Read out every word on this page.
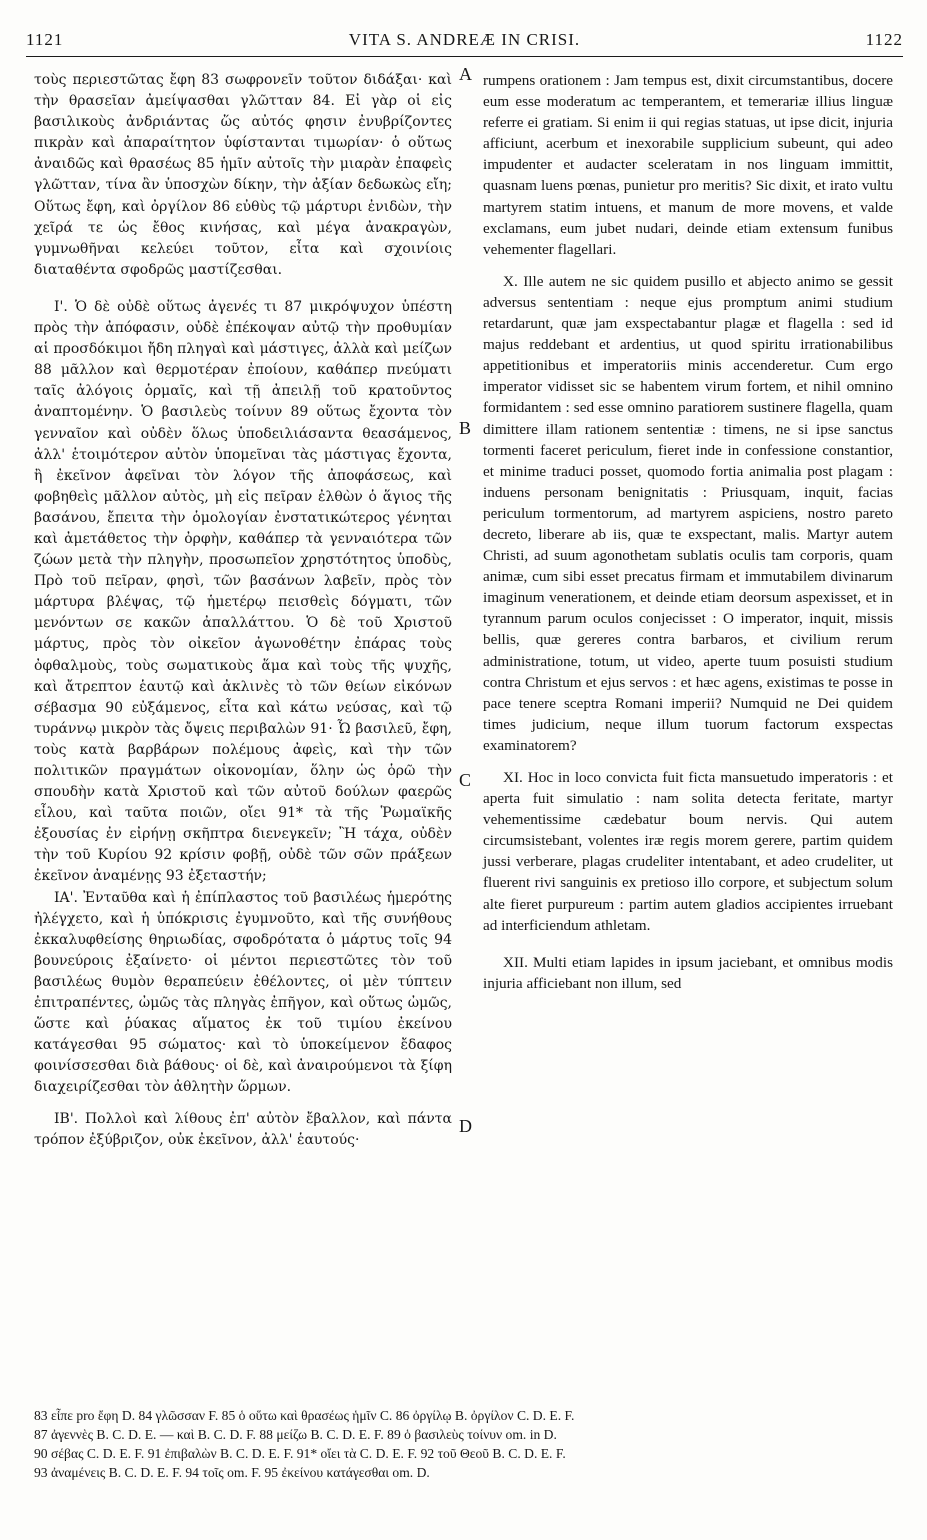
1121	VITA S. ANDREÆ IN CRISI.	1122

τοὺς περιεστῶτας ἔφη 83 σωφρονεῖν τοῦτον διδάξαι· καὶ τὴν θρασεῖαν ἀμείψασθαι γλῶτταν 84. Εἰ γὰρ οἱ εἰς βασιλικοὺς ἀνδριάντας ὥς αὐτός φησιν ἐνυβρίζοντες πικρὰν καὶ ἀπαραίτητον ὑφίστανται τιμωρίαν· ὁ οὕτως ἀναιδῶς καὶ θρασέως 85 ἡμῖν αὐτοῖς τὴν μιαρὰν ἐπαφεὶς γλῶτταν, τίνα ἂν ὑποσχὼν δίκην, τὴν ἀξίαν δεδωκὼς εἴη; Οὕτως ἔφη, καὶ ὀργίλον 86 εὐθὺς τῷ μάρτυρι ἐνιδὼν, τὴν χεῖρά τε ὡς ἔθος κινήσας, καὶ μέγα ἀνακραγὼν, γυμνωθῆναι κελεύει τοῦτον, εἶτα καὶ σχοινίοις διαταθέντα σφοδρῶς μαστίζεσθαι.

Ι'. Ὁ δὲ οὐδὲ οὕτως ἀγενές τι 87 μικρόψυχον ὑπέστη πρὸς τὴν ἀπόφασιν, οὐδὲ ἐπέκοψαν αὐτῷ τὴν προθυμίαν αἱ προσδόκιμοι ἤδη πληγαὶ καὶ μάστιγες, ἀλλὰ καὶ μείζων 88 μᾶλλον καὶ θερμοτέραν ἐποίουν, καθάπερ πνεύματι ταῖς ἀλόγοις ὁρμαῖς, καὶ τῇ ἀπειλῇ τοῦ κρατοῦντος ἀναπτομένην. Ὁ βασιλεὺς τοίνυν 89 οὕτως ἔχοντα τὸν γενναῖον καὶ οὐδὲν ὅλως ὑποδειλιάσαντα θεασάμενος, ἀλλ' ἑτοιμότερον αὐτὸν ὑπομεῖναι τὰς μάστιγας ἔχοντα, ἢ ἐκεῖνον ἀφεῖναι τὸν λόγον τῆς ἀποφάσεως, καὶ φοβηθεὶς μᾶλλον αὐτὸς, μὴ εἰς πεῖραν ἐλθὼν ὁ ἅγιος τῆς βασάνου, ἔπειτα τὴν ὁμολογίαν ἐνστατικώτερος γένηται καὶ ἀμετάθετος τὴν ὀρφὴν, καθάπερ τὰ γενναιότερα τῶν ζώων μετὰ τὴν πληγὴν, προσωπεῖον χρηστότητος ὑποδὺς, Πρὸ τοῦ πεῖραν, φησὶ, τῶν βασάνων λαβεῖν, πρὸς τὸν μάρτυρα βλέψας, τῷ ἡμετέρῳ πεισθεὶς δόγματι, τῶν μενόντων σε κακῶν ἀπαλλάττου. Ὁ δὲ τοῦ Χριστοῦ μάρτυς, πρὸς τὸν οἰκεῖον ἀγωνοθέτην ἐπάρας τοὺς ὀφθαλμοὺς, τοὺς σωματικοὺς ἅμα καὶ τοὺς τῆς ψυχῆς, καὶ ἄτρεπτον ἑαυτῷ καὶ ἀκλινὲς τὸ τῶν θείων εἰκόνων σέβασμα 90 εὐξάμενος, εἶτα καὶ κάτω νεύσας, καὶ τῷ τυράννῳ μικρὸν τὰς ὄψεις περιβαλὼν 91· Ὦ βασιλεῦ, ἔφη, τοὺς κατὰ βαρβάρων πολέμους ἀφεὶς, καὶ τὴν τῶν πολιτικῶν πραγμάτων οἰκονομίαν, ὅλην ὡς ὁρῶ τὴν σπουδὴν κατὰ Χριστοῦ καὶ τῶν αὐτοῦ δούλων φαερῶς εἶλου, καὶ ταῦτα ποιῶν, οἴει 91* τὰ τῆς Ῥωμαϊκῆς ἐξουσίας ἐν εἰρήνῃ σκῆπτρα διενεγκεῖν; Ἢ τάχα, οὐδὲν τὴν τοῦ Κυρίου 92 κρίσιν φοβῇ, οὐδὲ τῶν σῶν πράξεων ἐκεῖνον ἀναμένῃς 93 ἐξεταστήν;

ΙΑ'. Ἐνταῦθα καὶ ἡ ἐπίπλαστος τοῦ βασιλέως ἡμερότης ἠλέγχετο, καὶ ἡ ὑπόκρισις ἐγυμνοῦτο, καὶ τῆς συνήθους ἐκκαλυφθείσης θηριωδίας, σφοδρότατα ὁ μάρτυς τοῖς 94 βουνεύροις ἐξαίνετο· οἱ μέντοι περιεστῶτες τὸν τοῦ βασιλέως θυμὸν θεραπεύειν ἐθέλοντες, οἱ μὲν τύπτειν ἐπιτραπέντες, ὠμῶς τὰς πληγὰς ἐπῆγον, καὶ οὕτως ὠμῶς, ὥστε καὶ ῥύακας αἵματος ἐκ τοῦ τιμίου ἐκείνου κατάγεσθαι 95 σώματος· καὶ τὸ ὑποκείμενον ἔδαφος φοινίσσεσθαι διὰ βάθους· οἱ δὲ, καὶ ἀναιρούμενοι τὰ ξίφη διαχειρίζεσθαι τὸν ἀθλητὴν ὥρμων.

ΙΒ'. Πολλοὶ καὶ λίθους ἐπ' αὐτὸν ἔβαλλον, καὶ πάντα τρόπον ἐξύβριζον, οὐκ ἐκεῖνον, ἀλλ' ἑαυτούς·

A
B
C
D

rumpens orationem : Jam tempus est, dixit circumstantibus, docere eum esse moderatum ac temperantem, et temerariæ illius linguæ referre ei gratiam. Si enim ii qui regias statuas, ut ipse dicit, injuria afficiunt, acerbum et inexorabile supplicium subeunt, qui adeo impudenter et audacter sceleratam in nos linguam immittit, quasnam luens pœnas, punietur pro meritis? Sic dixit, et irato vultu martyrem statim intuens, et manum de more movens, et valde exclamans, eum jubet nudari, deinde etiam extensum funibus vehementer flagellari.

X. Ille autem ne sic quidem pusillo et abjecto animo se gessit adversus sententiam : neque ejus promptum animi studium retardarunt, quæ jam exspectabantur plagæ et flagella : sed id majus reddebant et ardentius, ut quod spiritu irrationabilibus appetitionibus et imperatoriis minis accenderetur. Cum ergo imperator vidisset sic se habentem virum fortem, et nihil omnino formidantem : sed esse omnino paratiorem sustinere flagella, quam dimittere illam rationem sententiæ : timens, ne si ipse sanctus tormenti faceret periculum, fieret inde in confessione constantior, et minime traduci posset, quomodo fortia animalia post plagam : induens personam benignitatis : Priusquam, inquit, facias periculum tormentorum, ad martyrem aspiciens, nostro pareto decreto, liberare ab iis, quæ te exspectant, malis. Martyr autem Christi, ad suum agonothetam sublatis oculis tam corporis, quam animæ, cum sibi esset precatus firmam et immutabilem divinarum imaginum venerationem, et deinde etiam deorsum aspexisset, et in tyrannum parum oculos conjecisset : O imperator, inquit, missis bellis, quæ gereres contra barbaros, et civilium rerum administratione, totum, ut video, aperte tuum posuisti studium contra Christum et ejus servos : et hæc agens, existimas te posse in pace tenere sceptra Romani imperii? Numquid ne Dei quidem times judicium, neque illum tuorum factorum exspectas examinatorem?

XI. Hoc in loco convicta fuit ficta mansuetudo imperatoris : et aperta fuit simulatio : nam solita detecta feritate, martyr vehementissime cædebatur boum nervis. Qui autem circumsistebant, volentes iræ regis morem gerere, partim quidem jussi verberare, plagas crudeliter intentabant, et adeo crudeliter, ut fluerent rivi sanguinis ex pretioso illo corpore, et subjectum solum alte fieret purpureum : partim autem gladios accipientes irruebant ad interficiendum athletam.

XII. Multi etiam lapides in ipsum jaciebant, et omnibus modis injuria afficiebant non illum, sed

83 εἶπε pro ἔφη D. 84 γλῶσσαν F. 85 ὁ οὕτω καὶ θρασέως ἡμῖν C. 86 ὀργίλῳ B. ὀργίλον C. D. E. F.
87 ἀγεννὲς B. C. D. E. — καὶ B. C. D. F. 88 μείζω B. C. D. E. F. 89 ὁ βασιλεὺς τοίνυν om. in D.
90 σέβας C. D. E. F. 91 ἐπιβαλὼν B. C. D. E. F. 91* οἴει τὰ C. D. E. F. 92 τοῦ Θεοῦ B. C. D. E. F.
93 ἀναμένεις B. C. D. E. F. 94 τοῖς om. F. 95 ἐκείνου κατάγεσθαι om. D.
